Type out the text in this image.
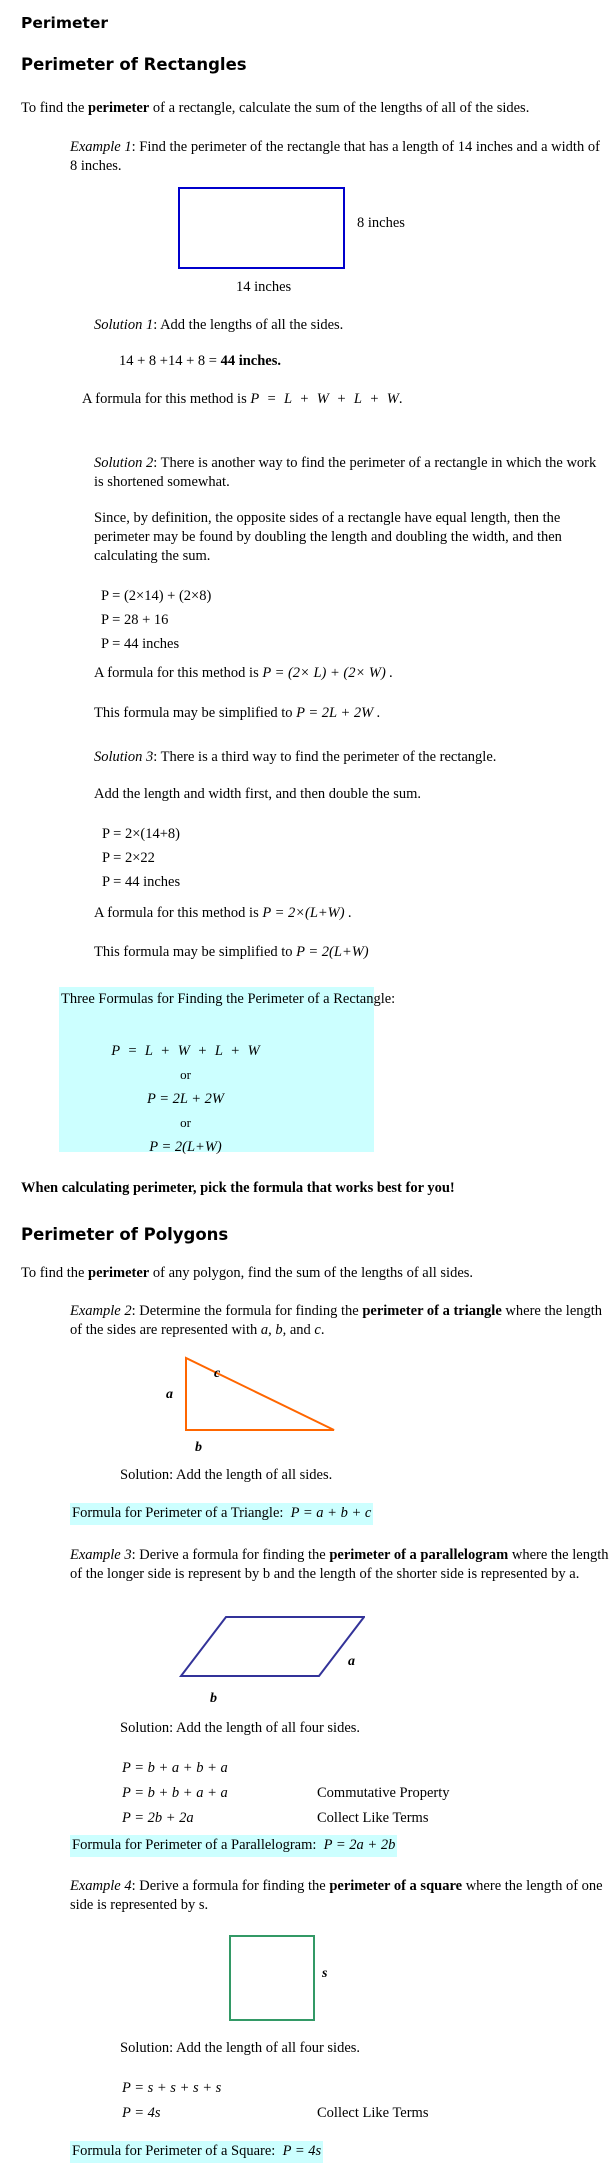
Perimeter
Perimeter of Rectangles
To find the perimeter of a rectangle, calculate the sum of the lengths of all of the sides.
Example 1: Find the perimeter of the rectangle that has a length of 14 inches and a width of 8 inches.
8 inches
14 inches
Solution 1: Add the lengths of all the sides.
14 + 8 +14 + 8 = 44 inches.
A formula for this method is P = L + W + L + W.
Solution 2: There is another way to find the perimeter of a rectangle in which the work is shortened somewhat.
Since, by definition, the opposite sides of a rectangle have equal length, then the perimeter may be found by doubling the length and doubling the width, and then calculating the sum.
P = (2×14) + (2×8)
P = 28 + 16
P = 44 inches
A formula for this method is P = (2× L) + (2× W) .
This formula may be simplified to P = 2L + 2W .
Solution 3: There is a third way to find the perimeter of the rectangle.
Add the length and width first, and then double the sum.
P = 2×(14+8)
P = 2×22
P = 44 inches
A formula for this method is P = 2×(L+W) .
This formula may be simplified to P = 2(L+W)
Three Formulas for Finding the Perimeter of a Rectangle:
P = L + W + L + W
or
P = 2L + 2W
or
P = 2(L+W)
When calculating perimeter, pick the formula that works best for you!
Perimeter of Polygons
To find the perimeter of any polygon, find the sum of the lengths of all sides.
Example 2: Determine the formula for finding the perimeter of a triangle where the length of the sides are represented with a, b, and c.
a
b
c
Solution: Add the length of all sides.
Formula for Perimeter of a Triangle: P = a + b + c
Example 3: Derive a formula for finding the perimeter of a parallelogram where the length of the longer side is represent by b and the length of the shorter side is represented by a.
a
b
Solution: Add the length of all four sides.
P = b + a + b + a
P = b + b + a + a	Commutative Property
P = 2b + 2a	Collect Like Terms
Formula for Perimeter of a Parallelogram: P = 2a + 2b
Example 4: Derive a formula for finding the perimeter of a square where the length of one side is represented by s.
s
Solution: Add the length of all four sides.
P = s + s + s + s
P = 4s	Collect Like Terms
Formula for Perimeter of a Square: P = 4s
